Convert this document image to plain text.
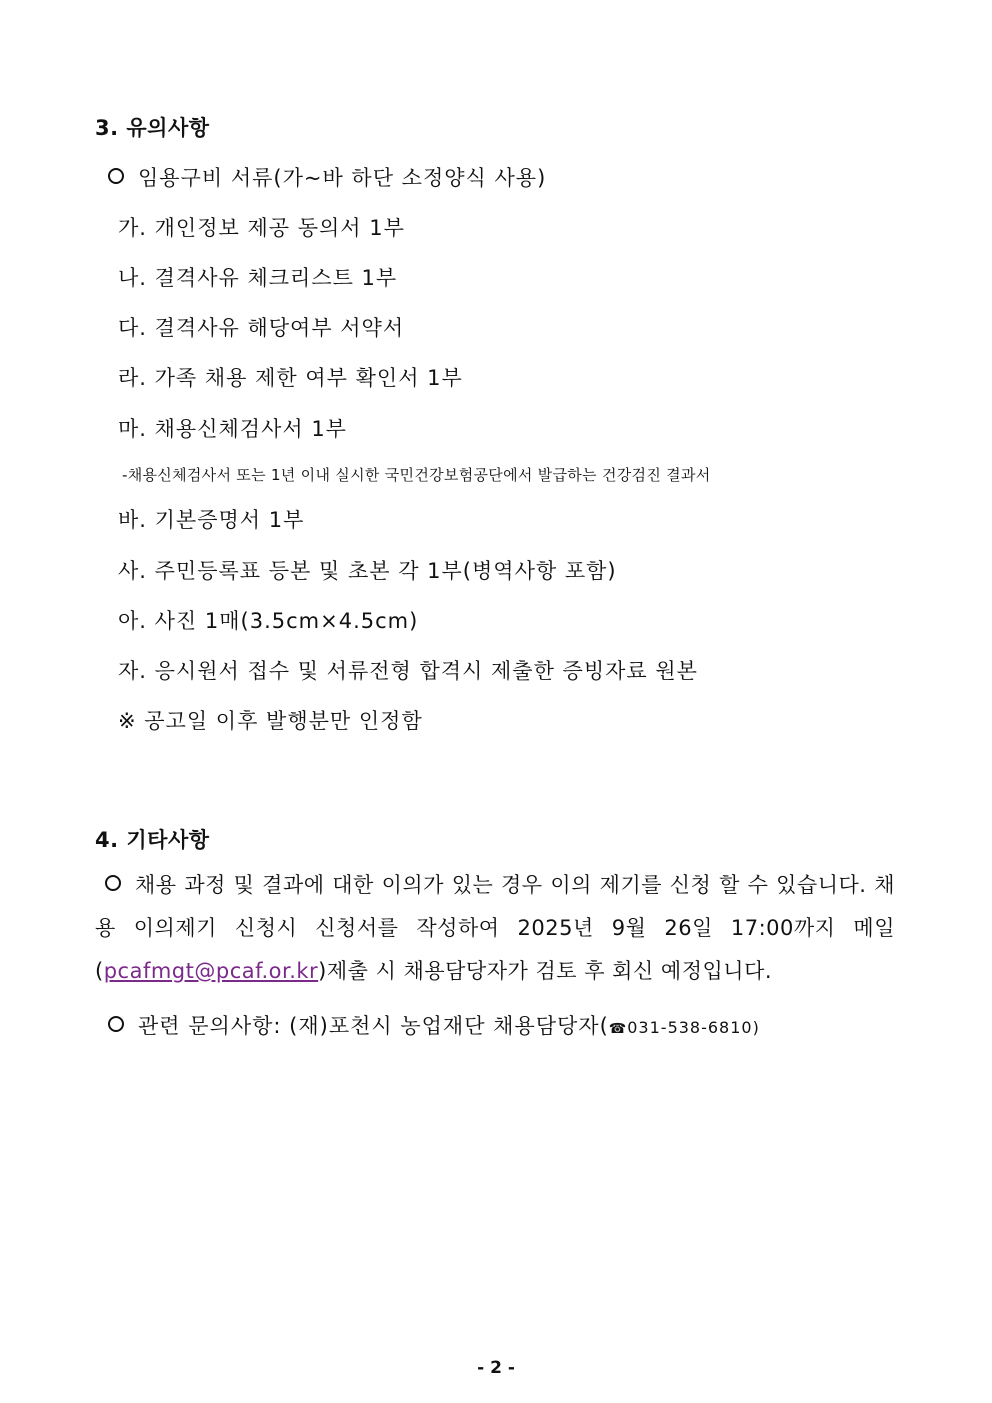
3. 유의사항
임용구비 서류(가~바 하단 소정양식 사용)
가. 개인정보 제공 동의서 1부
나. 결격사유 체크리스트 1부
다. 결격사유 해당여부 서약서
라. 가족 채용 제한 여부 확인서 1부
마. 채용신체검사서 1부
-채용신체검사서 또는 1년 이내 실시한 국민건강보험공단에서 발급하는 건강검진 결과서
바. 기본증명서 1부
사. 주민등록표 등본 및 초본 각 1부(병역사항 포함)
아. 사진 1매(3.5cm×4.5cm)
자. 응시원서 접수 및 서류전형 합격시 제출한 증빙자료 원본
※ 공고일 이후 발행분만 인정함
4. 기타사항
채용 과정 및 결과에 대한 이의가 있는 경우 이의 제기를 신청 할 수 있습니다. 채용 이의제기 신청시 신청서를 작성하여 2025년 9월 26일 17:00까지 메일 (pcafmgt@pcaf.or.kr)제출 시 채용담당자가 검토 후 회신 예정입니다.
관련 문의사항: (재)포천시 농업재단 채용담당자(☎031-538-6810)
- 2 -
